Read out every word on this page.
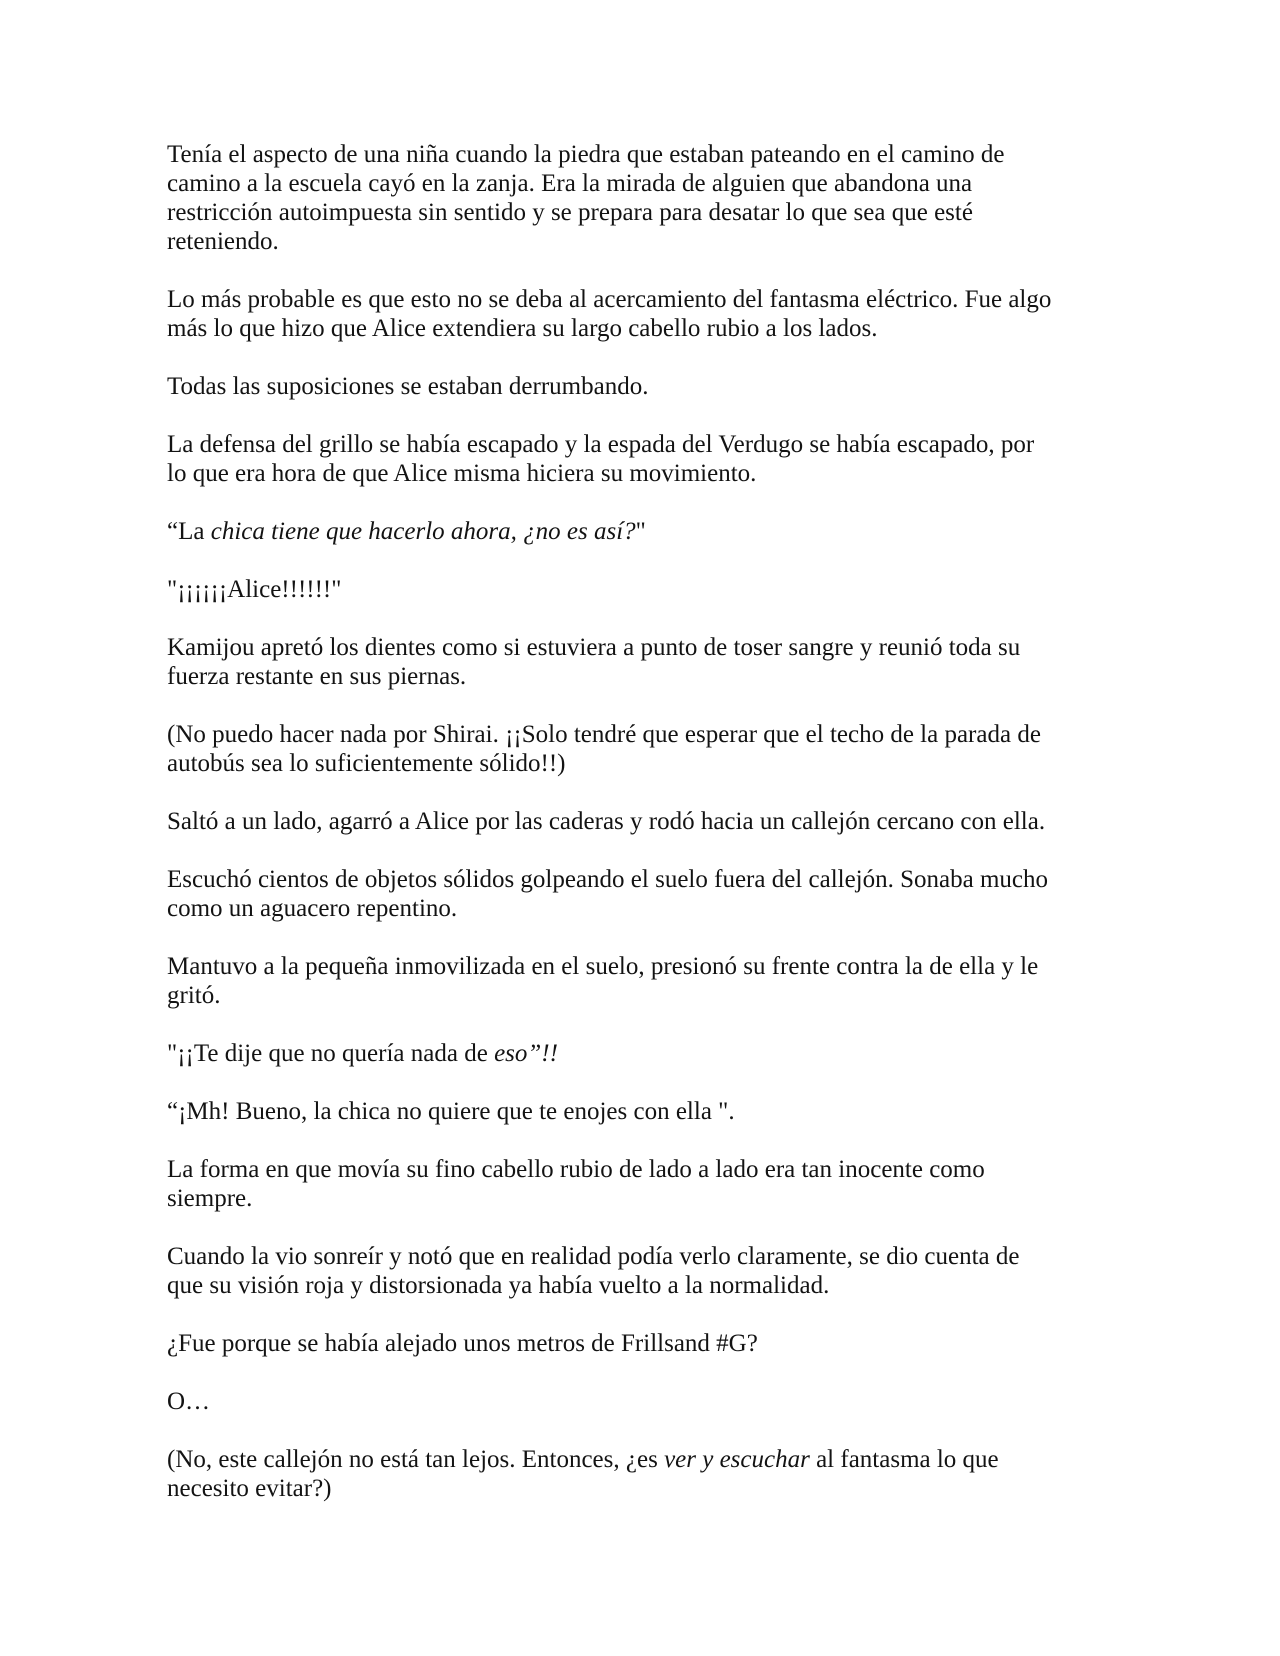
Tenía el aspecto de una niña cuando la piedra que estaban pateando en el camino de camino a la escuela cayó en la zanja. Era la mirada de alguien que abandona una restricción autoimpuesta sin sentido y se prepara para desatar lo que sea que esté reteniendo.

Lo más probable es que esto no se deba al acercamiento del fantasma eléctrico. Fue algo más lo que hizo que Alice extendiera su largo cabello rubio a los lados.

Todas las suposiciones se estaban derrumbando.

La defensa del grillo se había escapado y la espada del Verdugo se había escapado, por lo que era hora de que Alice misma hiciera su movimiento.

“La chica tiene que hacerlo ahora, ¿no es así?"

"¡¡¡¡¡¡Alice!!!!!!"

Kamijou apretó los dientes como si estuviera a punto de toser sangre y reunió toda su fuerza restante en sus piernas.

(No puedo hacer nada por Shirai. ¡¡Solo tendré que esperar que el techo de la parada de autobús sea lo suficientemente sólido!!)

Saltó a un lado, agarró a Alice por las caderas y rodó hacia un callejón cercano con ella.

Escuchó cientos de objetos sólidos golpeando el suelo fuera del callejón. Sonaba mucho como un aguacero repentino.

Mantuvo a la pequeña inmovilizada en el suelo, presionó su frente contra la de ella y le gritó.

"¡¡Te dije que no quería nada de eso”!!

“¡Mh! Bueno, la chica no quiere que te enojes con ella ".

La forma en que movía su fino cabello rubio de lado a lado era tan inocente como siempre.

Cuando la vio sonreír y notó que en realidad podía verlo claramente, se dio cuenta de que su visión roja y distorsionada ya había vuelto a la normalidad.

¿Fue porque se había alejado unos metros de Frillsand #G?

O…

(No, este callejón no está tan lejos. Entonces, ¿es ver y escuchar al fantasma lo que necesito evitar?)
